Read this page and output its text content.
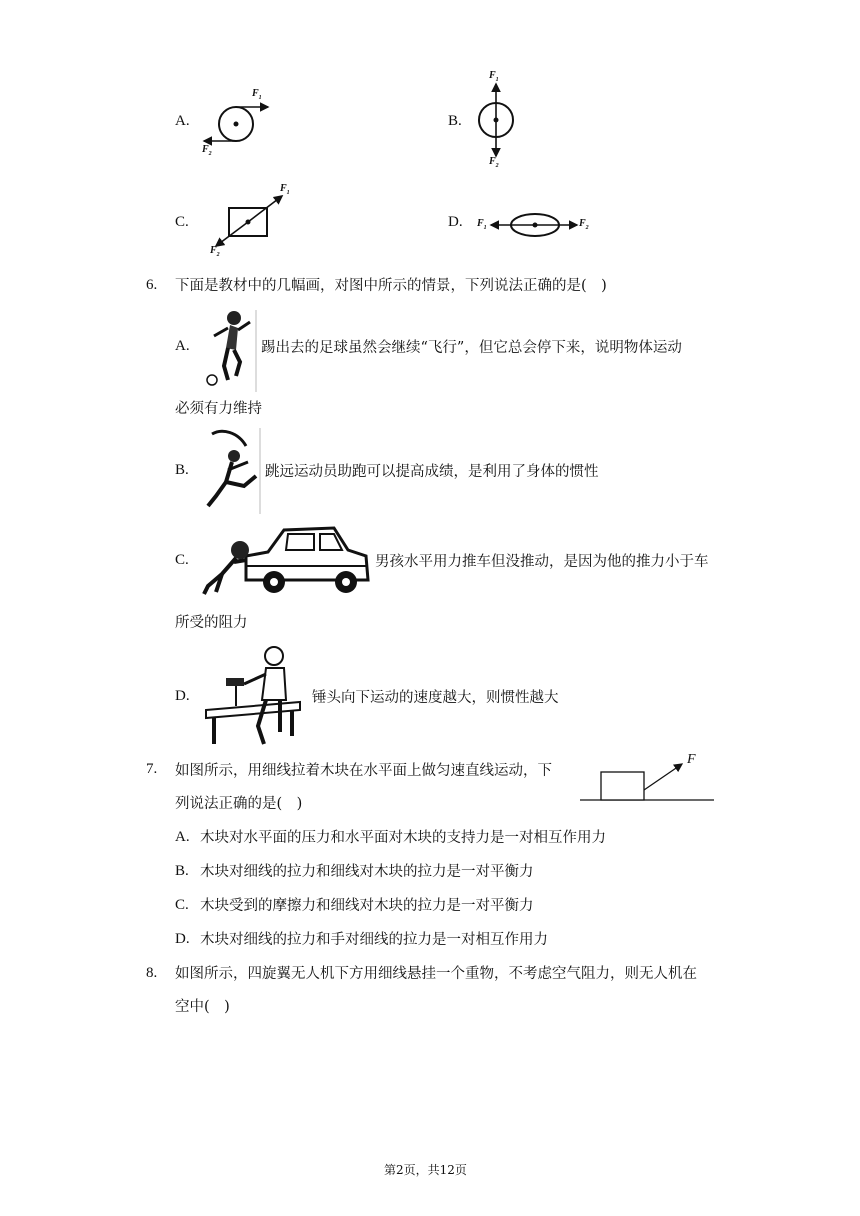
A.
$F_1$
$F_2$
B.
$F_1$
$F_2$
C.
$F_1$
$F_2$
D. $F_1$	$F_2$
6. 下面是教材中的几幅画，对图中所示的情景，下列说法正确的是(　)
A.	踢出去的足球虽然会继续“飞行”，但它总会停下来，说明物体运动
必须有力维持
B.	跳远运动员助跑可以提高成绩，是利用了身体的惯性
C.	男孩水平用力推车但没推动，是因为他的推力小于车
所受的阻力
D.	锤头向下运动的速度越大，则惯性越大
7. 如图所示，用细线拉着木块在水平面上做匀速直线运动，下
列说法正确的是(　)
F
A. 木块对水平面的压力和水平面对木块的支持力是一对相互作用力
B. 木块对细线的拉力和细线对木块的拉力是一对平衡力
C. 木块受到的摩擦力和细线对木块的拉力是一对平衡力
D. 木块对细线的拉力和手对细线的拉力是一对相互作用力
8. 如图所示，四旋翼无人机下方用细线悬挂一个重物，不考虑空气阻力，则无人机在
空中(　)
第2页，共12页
